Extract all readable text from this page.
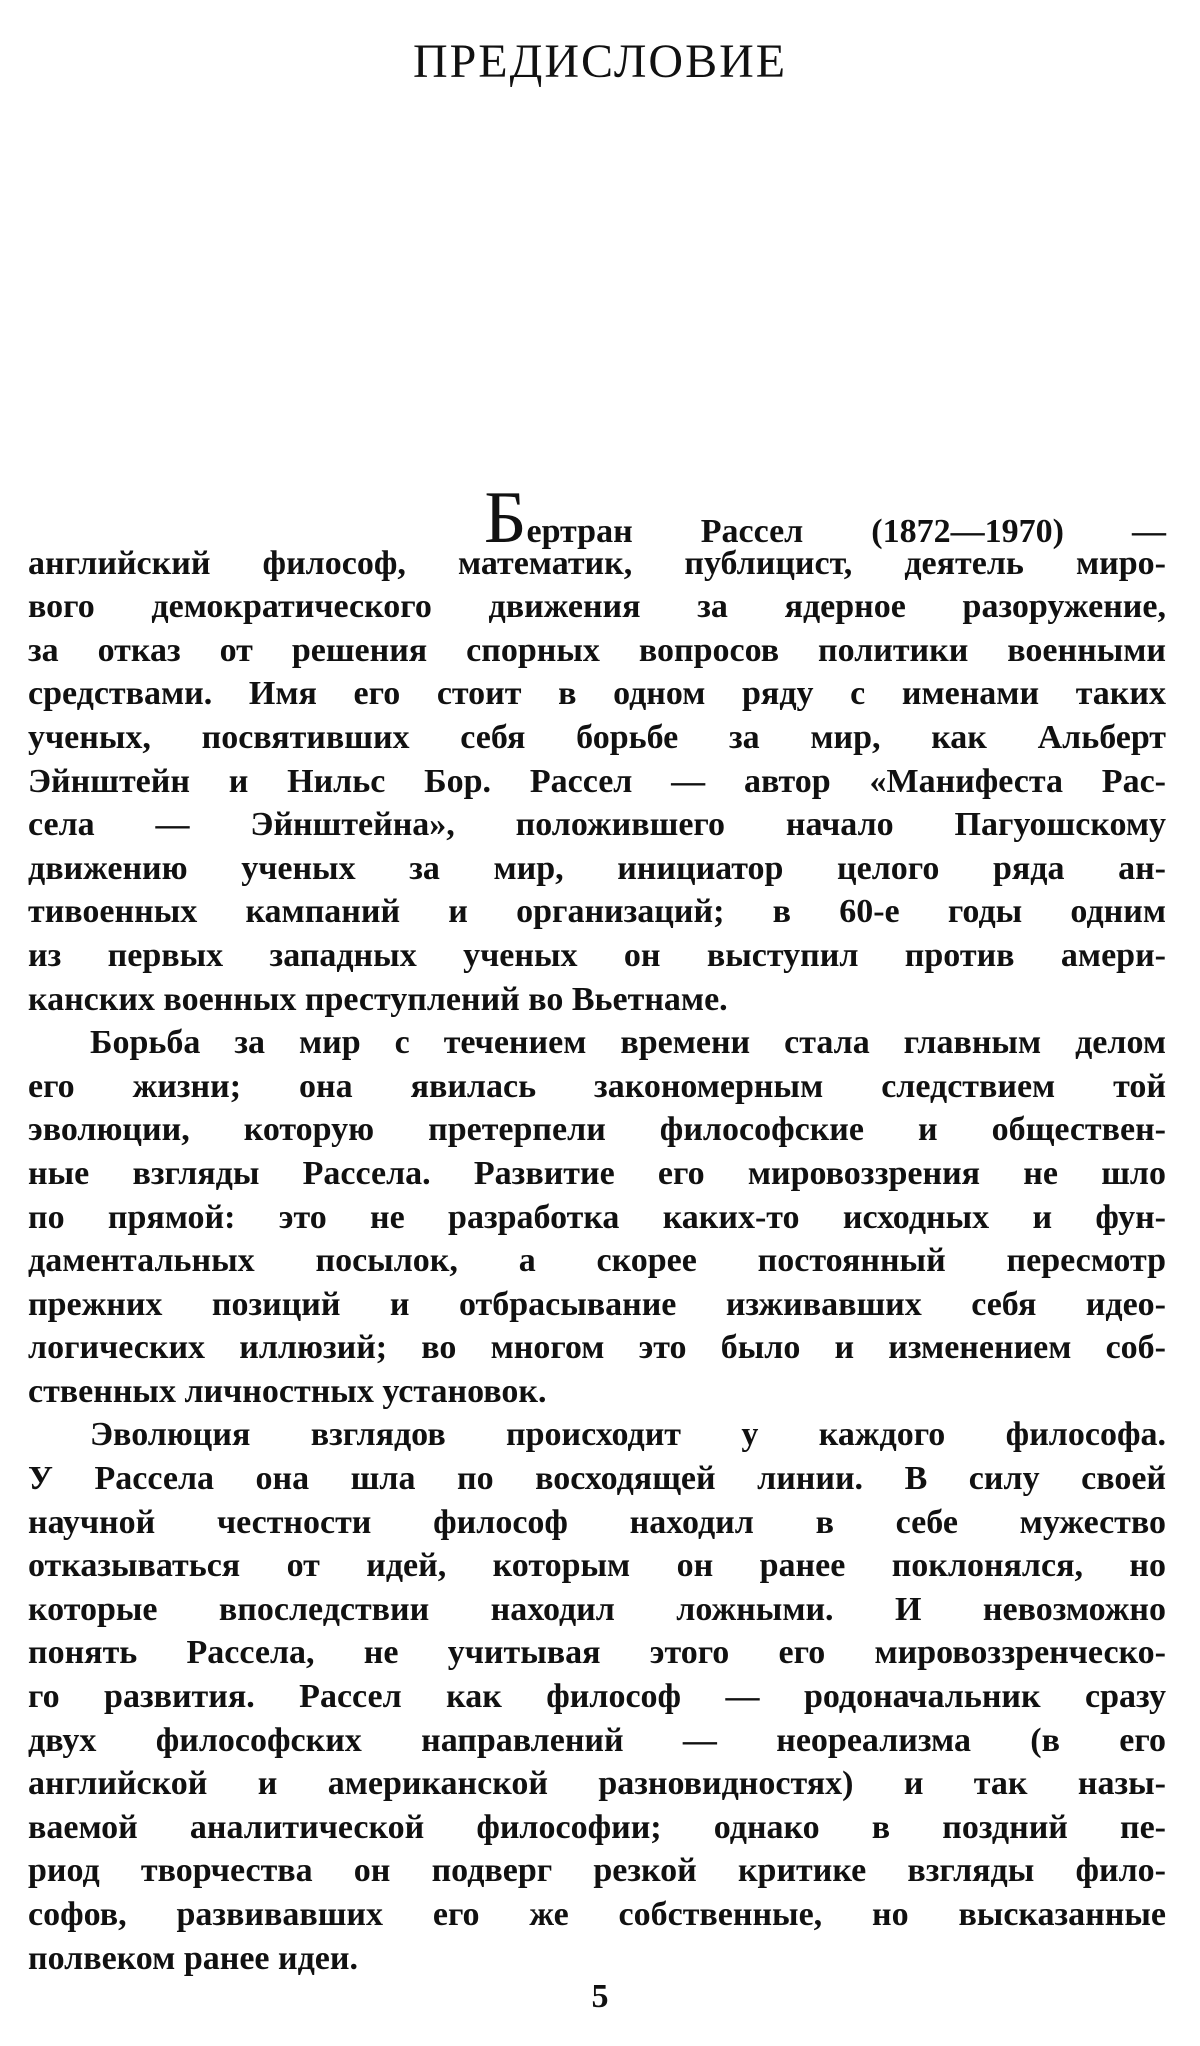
ПРЕДИСЛОВИЕ
Бертран Рассел (1872—1970) —
английский философ, математик, публицист, деятель миро-
вого демократического движения за ядерное разоружение,
за отказ от решения спорных вопросов политики военными
средствами. Имя его стоит в одном ряду с именами таких
ученых, посвятивших себя борьбе за мир, как Альберт
Эйнштейн и Нильс Бор. Рассел — автор «Манифеста Рас-
села — Эйнштейна», положившего начало Пагуошскому
движению ученых за мир, инициатор целого ряда ан-
тивоенных кампаний и организаций; в 60-е годы одним
из первых западных ученых он выступил против амери-
канских военных преступлений во Вьетнаме.
Борьба за мир с течением времени стала главным делом
его жизни; она явилась закономерным следствием той
эволюции, которую претерпели философские и обществен-
ные взгляды Рассела. Развитие его мировоззрения не шло
по прямой: это не разработка каких-то исходных и фун-
даментальных посылок, а скорее постоянный пересмотр
прежних позиций и отбрасывание изживавших себя идео-
логических иллюзий; во многом это было и изменением соб-
ственных личностных установок.
Эволюция взглядов происходит у каждого философа.
У Рассела она шла по восходящей линии. В силу своей
научной честности философ находил в себе мужество
отказываться от идей, которым он ранее поклонялся, но
которые впоследствии находил ложными. И невозможно
понять Рассела, не учитывая этого его мировоззренческо-
го развития. Рассел как философ — родоначальник сразу
двух философских направлений — неореализма (в его
английской и американской разновидностях) и так назы-
ваемой аналитической философии; однако в поздний пе-
риод творчества он подверг резкой критике взгляды фило-
софов, развивавших его же собственные, но высказанные
полвеком ранее идеи.
5
